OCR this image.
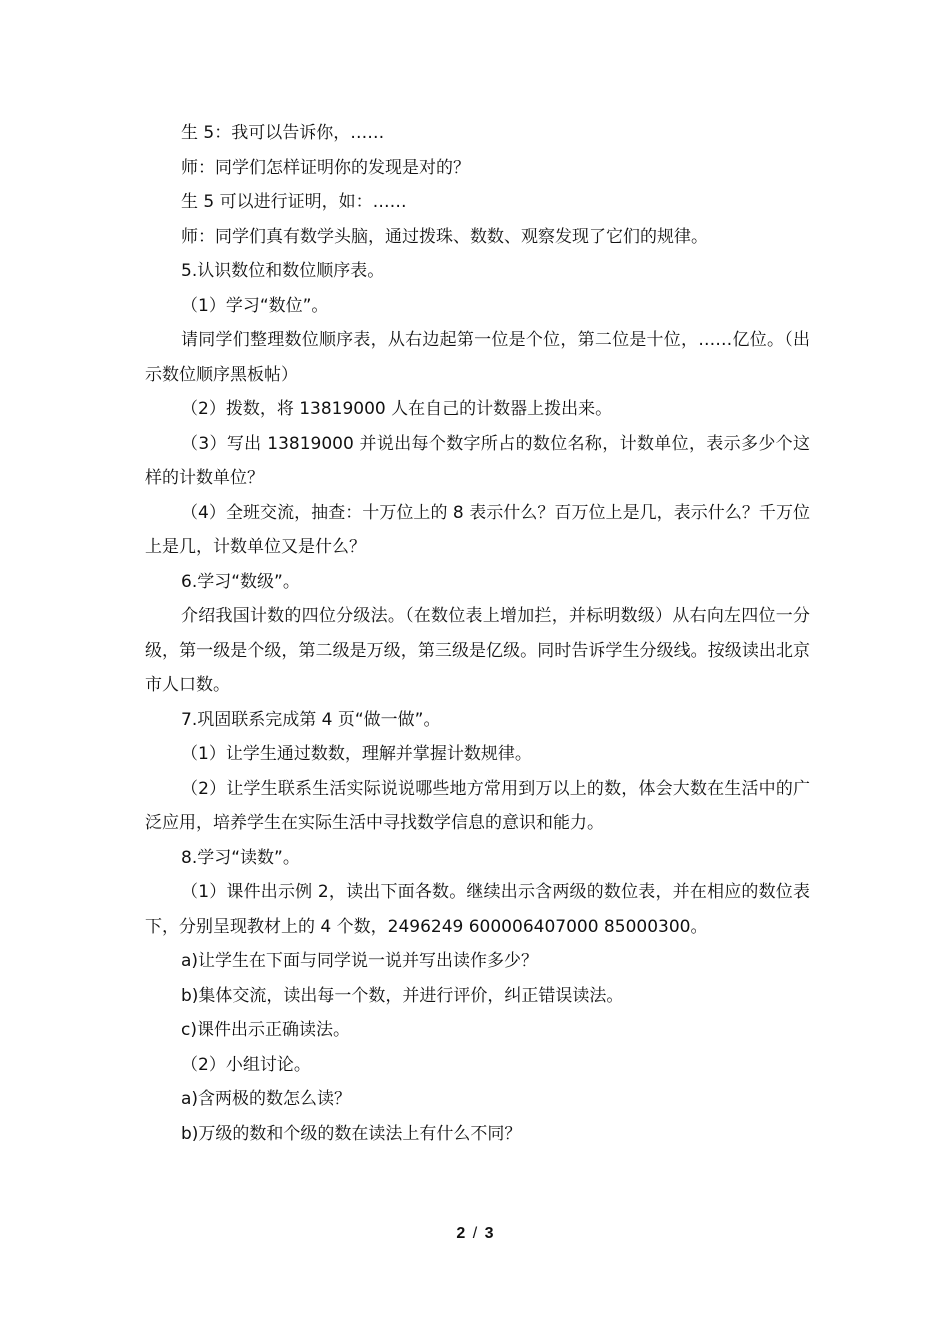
生 5：我可以告诉你，……

师：同学们怎样证明你的发现是对的？

生 5 可以进行证明，如：……

师：同学们真有数学头脑，通过拨珠、数数、观察发现了它们的规律。

5.认识数位和数位顺序表。

（1）学习“数位”。

请同学们整理数位顺序表，从右边起第一位是个位，第二位是十位，……亿位。（出示数位顺序黑板帖）

（2）拨数，将 13819000 人在自己的计数器上拨出来。

（3）写出 13819000 并说出每个数字所占的数位名称，计数单位，表示多少个这样的计数单位？

（4）全班交流，抽查：十万位上的 8 表示什么？百万位上是几，表示什么？千万位上是几，计数单位又是什么？

6.学习“数级”。

介绍我国计数的四位分级法。（在数位表上增加拦，并标明数级）从右向左四位一分级，第一级是个级，第二级是万级，第三级是亿级。同时告诉学生分级线。按级读出北京市人口数。

7.巩固联系完成第 4 页“做一做”。

（1）让学生通过数数，理解并掌握计数规律。

（2）让学生联系生活实际说说哪些地方常用到万以上的数，体会大数在生活中的广泛应用，培养学生在实际生活中寻找数学信息的意识和能力。

8.学习“读数”。

（1）课件出示例 2，读出下面各数。继续出示含两级的数位表，并在相应的数位表下，分别呈现教材上的 4 个数，2496249 600006407000 85000300。

a)让学生在下面与同学说一说并写出读作多少？

b)集体交流，读出每一个数，并进行评价，纠正错误读法。

c)课件出示正确读法。

（2）小组讨论。

a)含两极的数怎么读？

b)万级的数和个级的数在读法上有什么不同？

2 / 3
